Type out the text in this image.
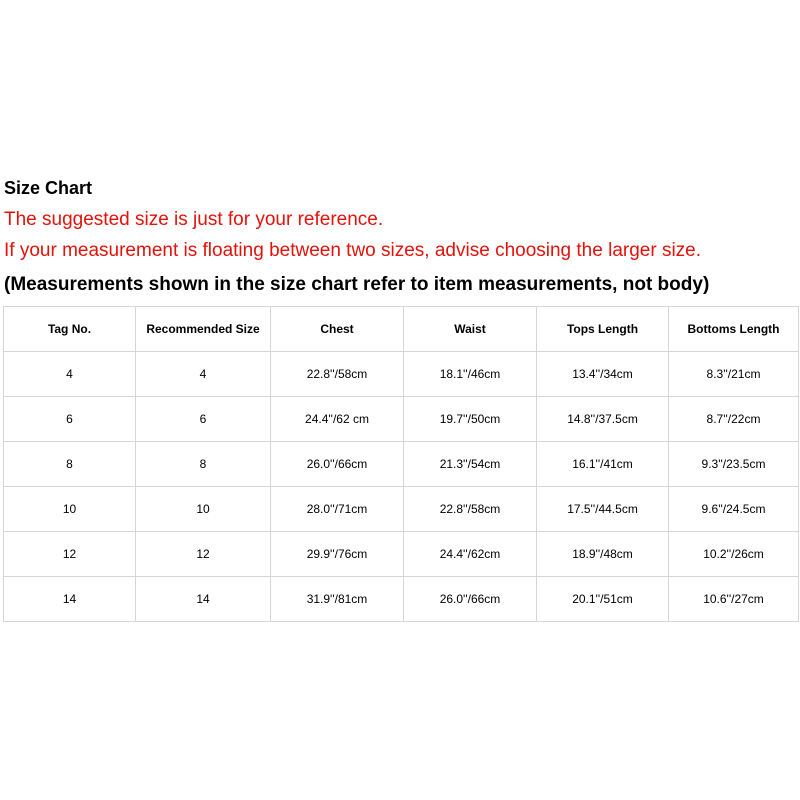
Size Chart
The suggested size is just for your reference.
If your measurement is floating between two sizes, advise choosing the larger size.
(Measurements shown in the size chart refer to item measurements, not body)
Tag No.	Recommended Size	Chest	Waist	Tops Length	Bottoms Length
4	4	22.8''/58cm	18.1''/46cm	13.4''/34cm	8.3''/21cm
6	6	24.4''/62 cm	19.7''/50cm	14.8''/37.5cm	8.7''/22cm
8	8	26.0''/66cm	21.3''/54cm	16.1''/41cm	9.3''/23.5cm
10	10	28.0''/71cm	22.8''/58cm	17.5''/44.5cm	9.6''/24.5cm
12	12	29.9''/76cm	24.4''/62cm	18.9''/48cm	10.2''/26cm
14	14	31.9''/81cm	26.0''/66cm	20.1''/51cm	10.6''/27cm
